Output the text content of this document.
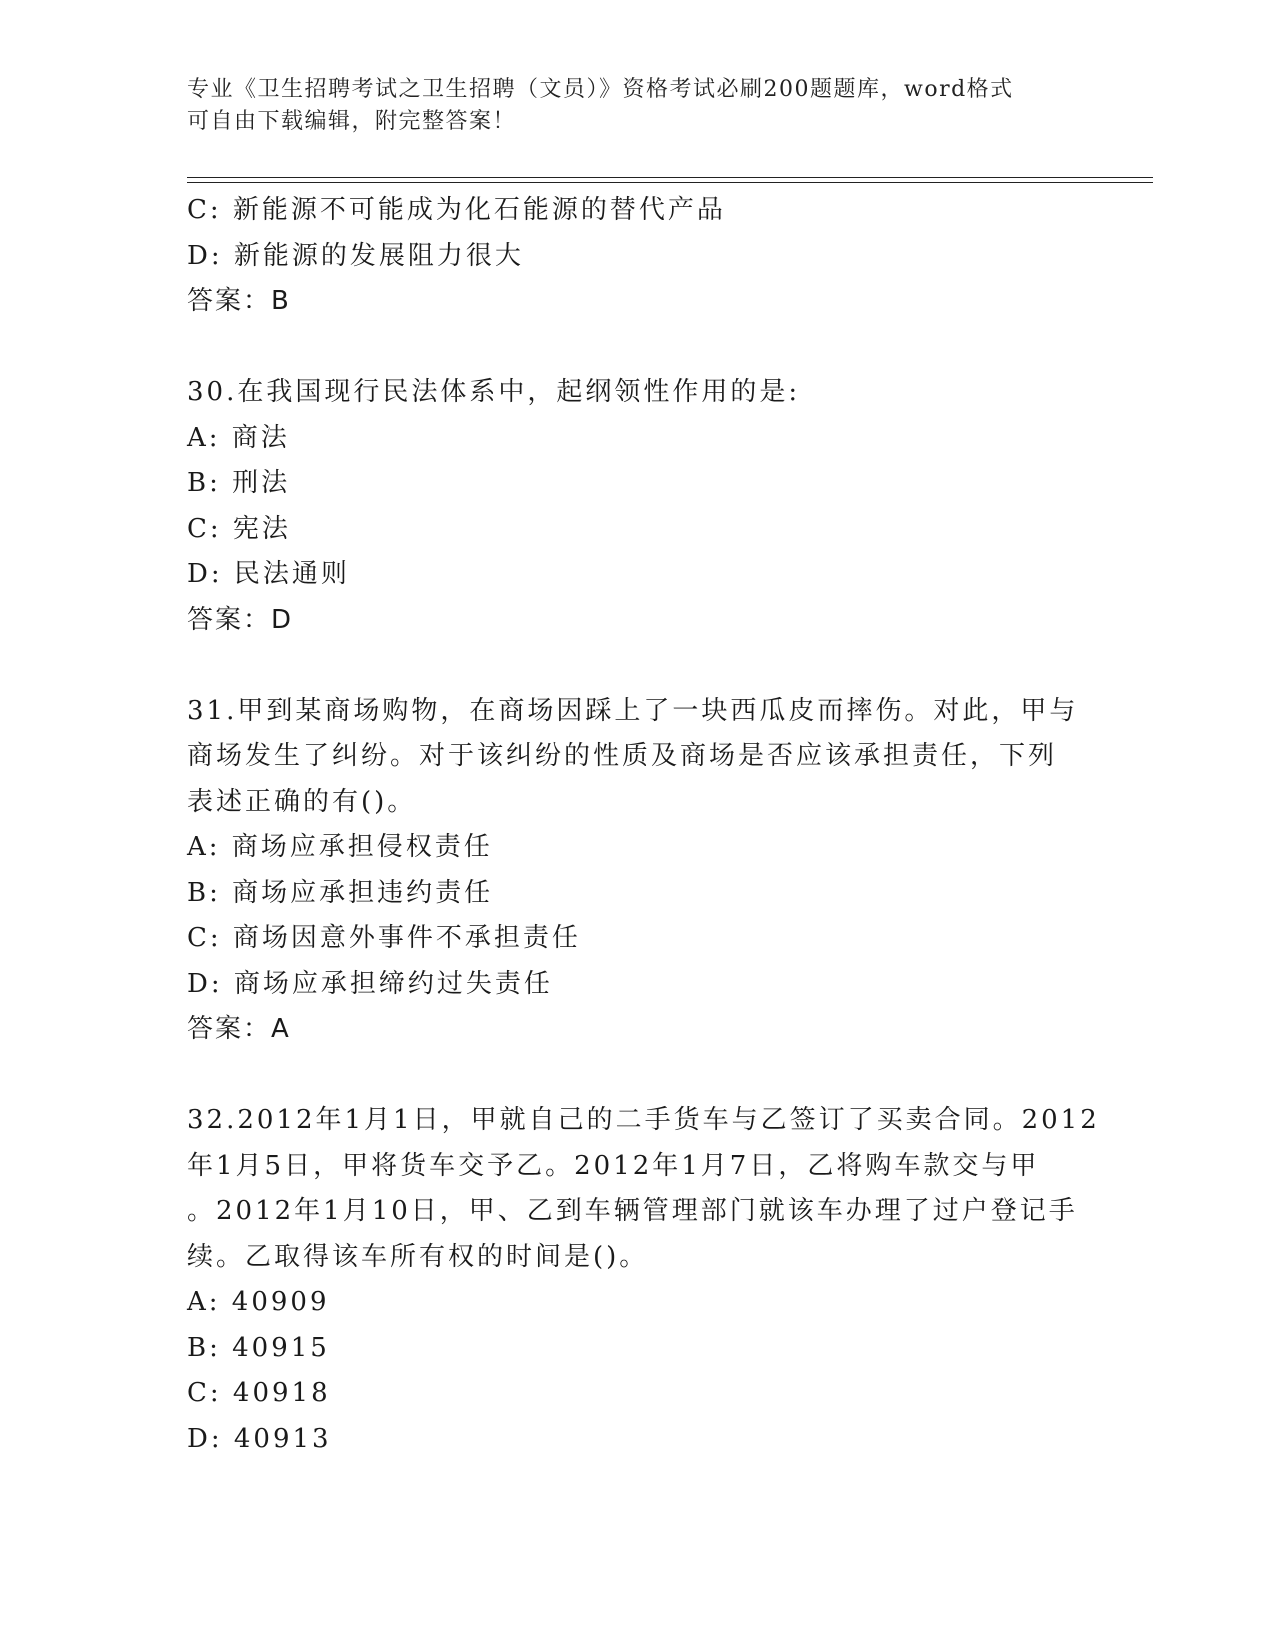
专业《卫生招聘考试之卫生招聘（文员）》资格考试必刷200题题库，word格式
可自由下载编辑，附完整答案！
C: 新能源不可能成为化石能源的替代产品
D: 新能源的发展阻力很大
答案：B
30.在我国现行民法体系中，起纲领性作用的是:
A: 商法
B: 刑法
C: 宪法
D: 民法通则
答案：D
31.甲到某商场购物，在商场因踩上了一块西瓜皮而摔伤。对此，甲与
商场发生了纠纷。对于该纠纷的性质及商场是否应该承担责任，下列
表述正确的有()。
A: 商场应承担侵权责任
B: 商场应承担违约责任
C: 商场因意外事件不承担责任
D: 商场应承担缔约过失责任
答案：A
32.2012年1月1日，甲就自己的二手货车与乙签订了买卖合同。2012
年1月5日，甲将货车交予乙。2012年1月7日，乙将购车款交与甲
。2012年1月10日，甲、乙到车辆管理部门就该车办理了过户登记手
续。乙取得该车所有权的时间是()。
A: 40909
B: 40915
C: 40918
D: 40913
